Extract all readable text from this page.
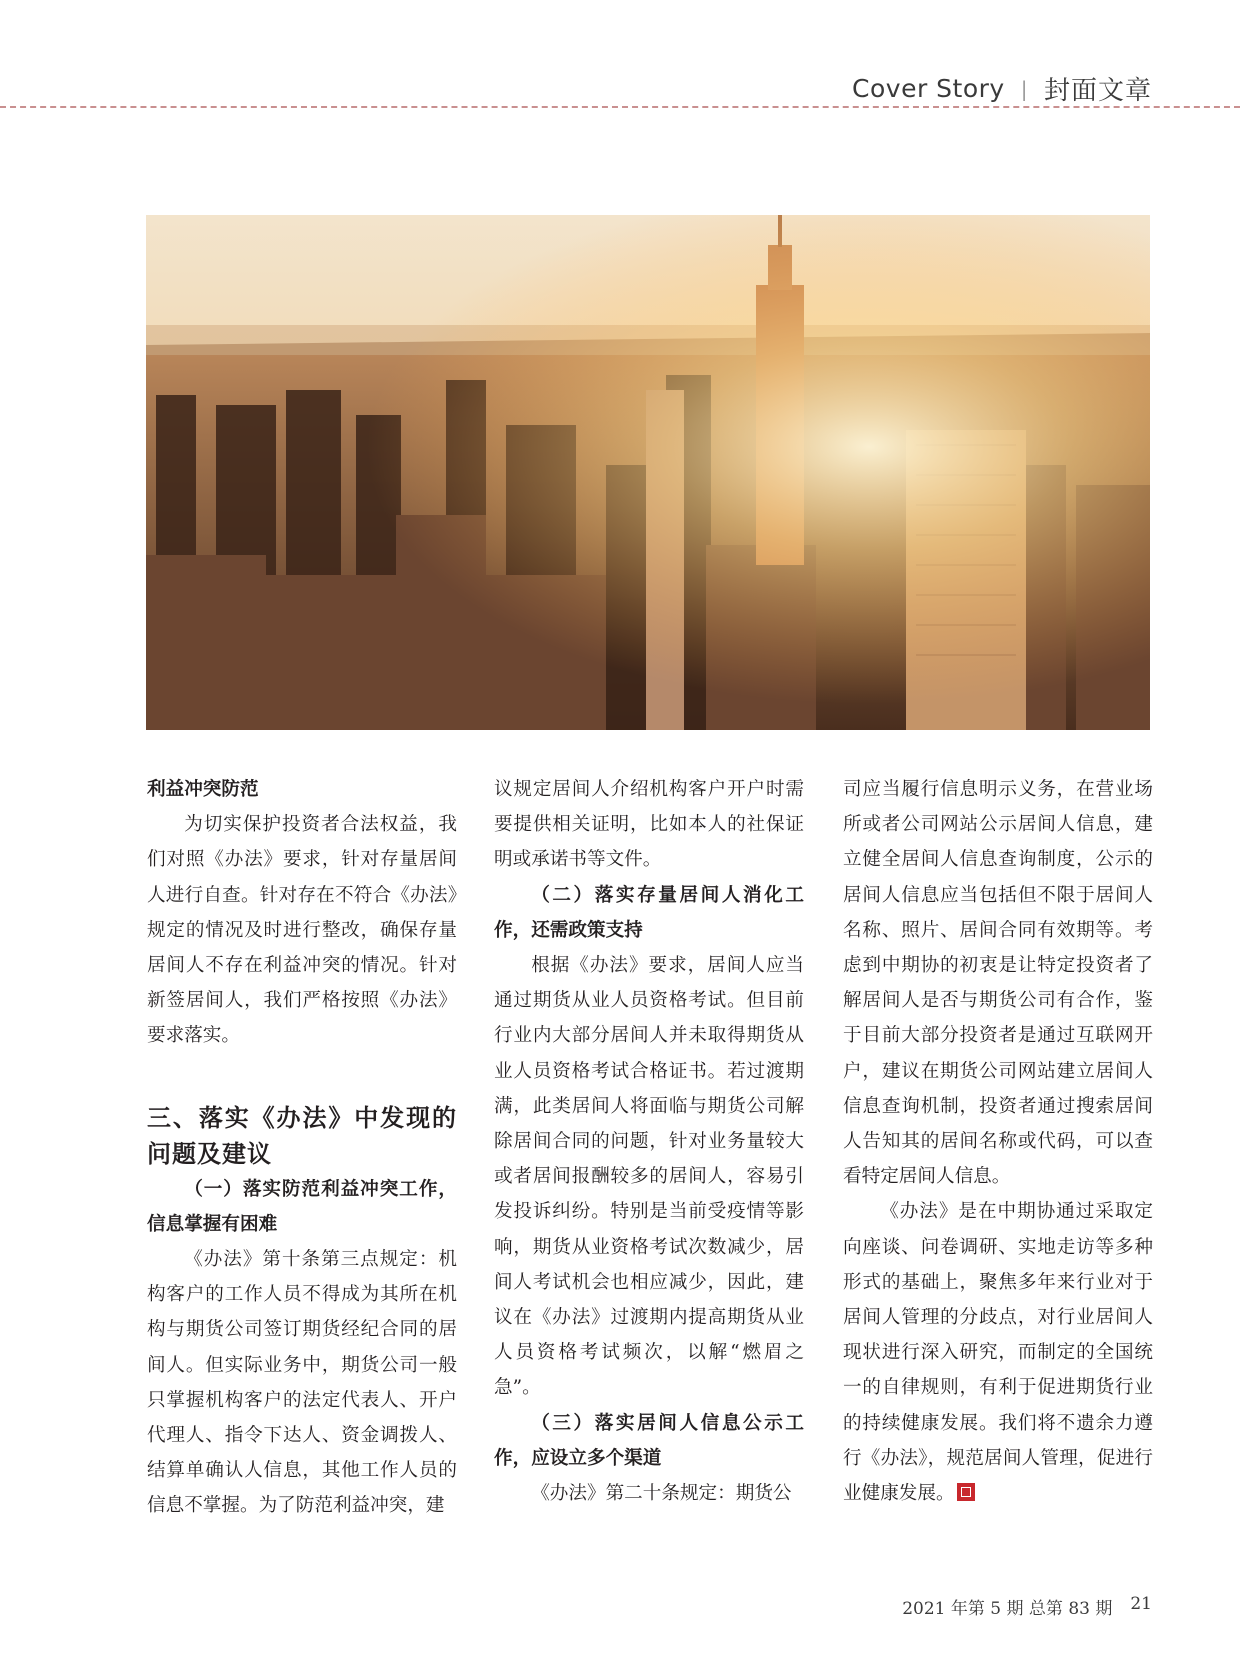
Cover Story | 封面文章

利益冲突防范

为切实保护投资者合法权益，我们对照《办法》要求，针对存量居间人进行自查。针对存在不符合《办法》规定的情况及时进行整改，确保存量居间人不存在利益冲突的情况。针对新签居间人，我们严格按照《办法》要求落实。

三、落实《办法》中发现的问题及建议

（一）落实防范利益冲突工作，信息掌握有困难

《办法》第十条第三点规定：机构客户的工作人员不得成为其所在机构与期货公司签订期货经纪合同的居间人。但实际业务中，期货公司一般只掌握机构客户的法定代表人、开户代理人、指令下达人、资金调拨人、结算单确认人信息，其他工作人员的信息不掌握。为了防范利益冲突，建

议规定居间人介绍机构客户开户时需要提供相关证明，比如本人的社保证明或承诺书等文件。

（二）落实存量居间人消化工作，还需政策支持

根据《办法》要求，居间人应当通过期货从业人员资格考试。但目前行业内大部分居间人并未取得期货从业人员资格考试合格证书。若过渡期满，此类居间人将面临与期货公司解除居间合同的问题，针对业务量较大或者居间报酬较多的居间人，容易引发投诉纠纷。特别是当前受疫情等影响，期货从业资格考试次数减少，居间人考试机会也相应减少，因此，建议在《办法》过渡期内提高期货从业人员资格考试频次，以解“燃眉之急”。

（三）落实居间人信息公示工作，应设立多个渠道

《办法》第二十条规定：期货公

司应当履行信息明示义务，在营业场所或者公司网站公示居间人信息，建立健全居间人信息查询制度，公示的居间人信息应当包括但不限于居间人名称、照片、居间合同有效期等。考虑到中期协的初衷是让特定投资者了解居间人是否与期货公司有合作，鉴于目前大部分投资者是通过互联网开户，建议在期货公司网站建立居间人信息查询机制，投资者通过搜索居间人告知其的居间名称或代码，可以查看特定居间人信息。

《办法》是在中期协通过采取定向座谈、问卷调研、实地走访等多种形式的基础上，聚焦多年来行业对于居间人管理的分歧点，对行业居间人现状进行深入研究，而制定的全国统一的自律规则，有利于促进期货行业的持续健康发展。我们将不遗余力遵行《办法》，规范居间人管理，促进行业健康发展。

2021 年第 5 期 总第 83 期 21
